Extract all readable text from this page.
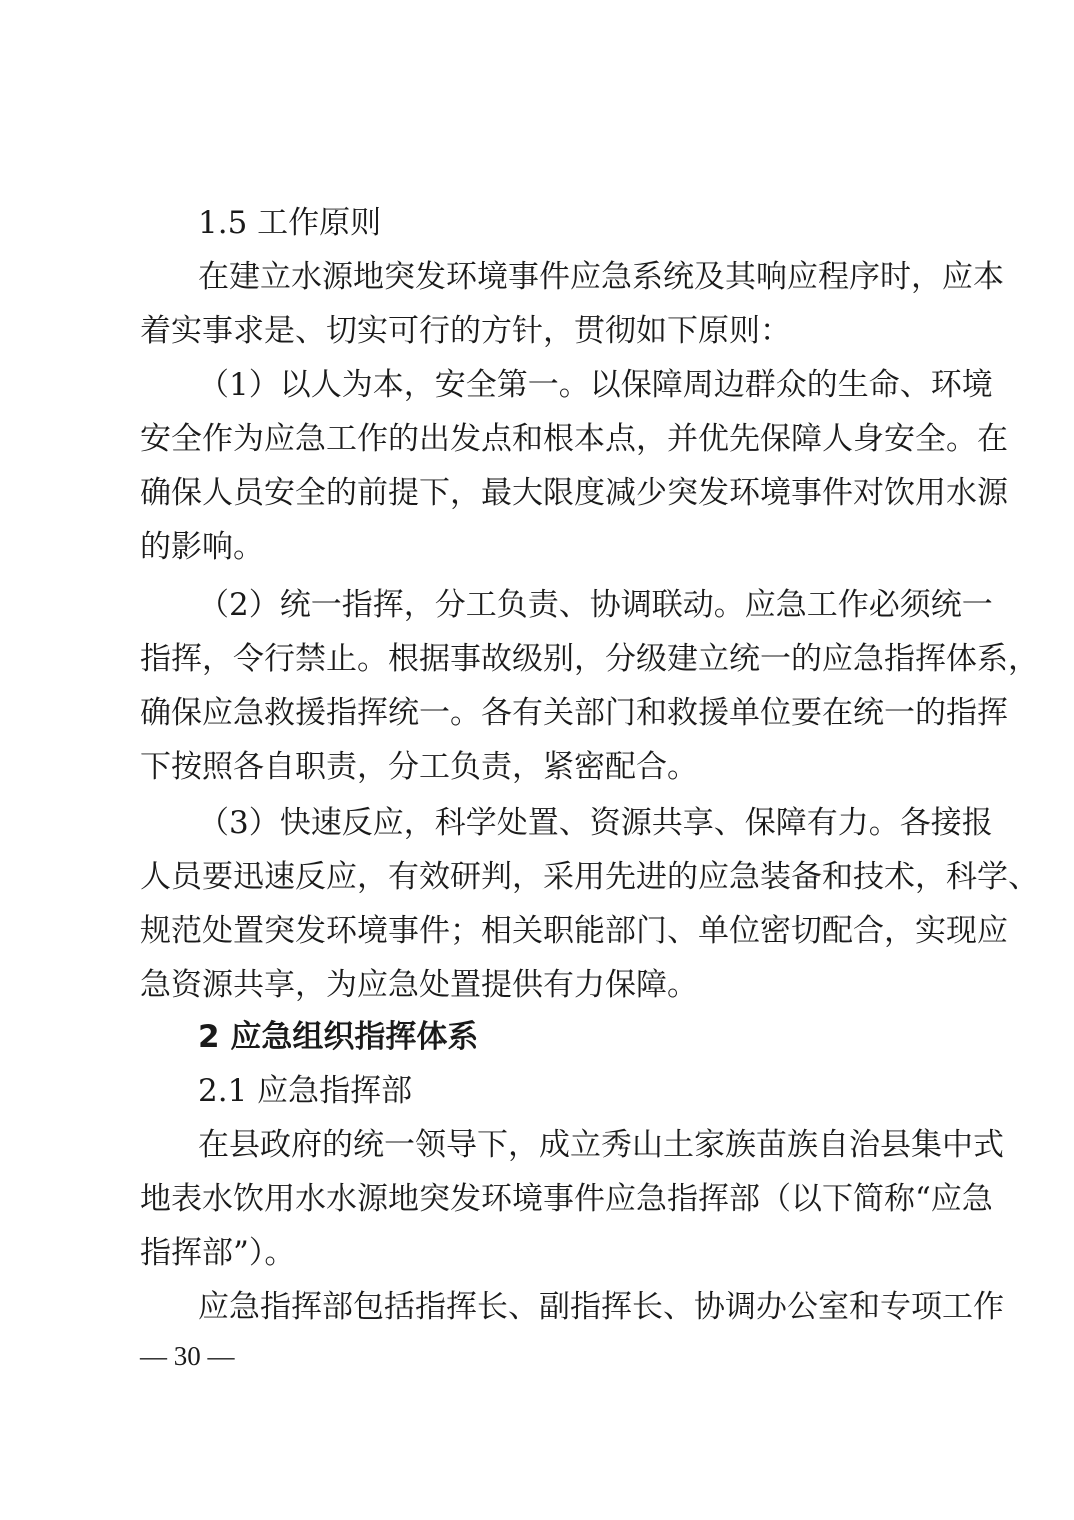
1.5 工作原则
在建立水源地突发环境事件应急系统及其响应程序时，应本
着实事求是、切实可行的方针，贯彻如下原则：
（1）以人为本，安全第一。以保障周边群众的生命、环境
安全作为应急工作的出发点和根本点，并优先保障人身安全。在
确保人员安全的前提下，最大限度减少突发环境事件对饮用水源
的影响。
（2）统一指挥，分工负责、协调联动。应急工作必须统一
指挥，令行禁止。根据事故级别，分级建立统一的应急指挥体系，
确保应急救援指挥统一。各有关部门和救援单位要在统一的指挥
下按照各自职责，分工负责，紧密配合。
（3）快速反应，科学处置、资源共享、保障有力。各接报
人员要迅速反应，有效研判，采用先进的应急装备和技术，科学、
规范处置突发环境事件；相关职能部门、单位密切配合，实现应
急资源共享，为应急处置提供有力保障。
2 应急组织指挥体系
2.1 应急指挥部
在县政府的统一领导下，成立秀山土家族苗族自治县集中式
地表水饮用水水源地突发环境事件应急指挥部（以下简称“应急
指挥部”）。
应急指挥部包括指挥长、副指挥长、协调办公室和专项工作
— 30 —
